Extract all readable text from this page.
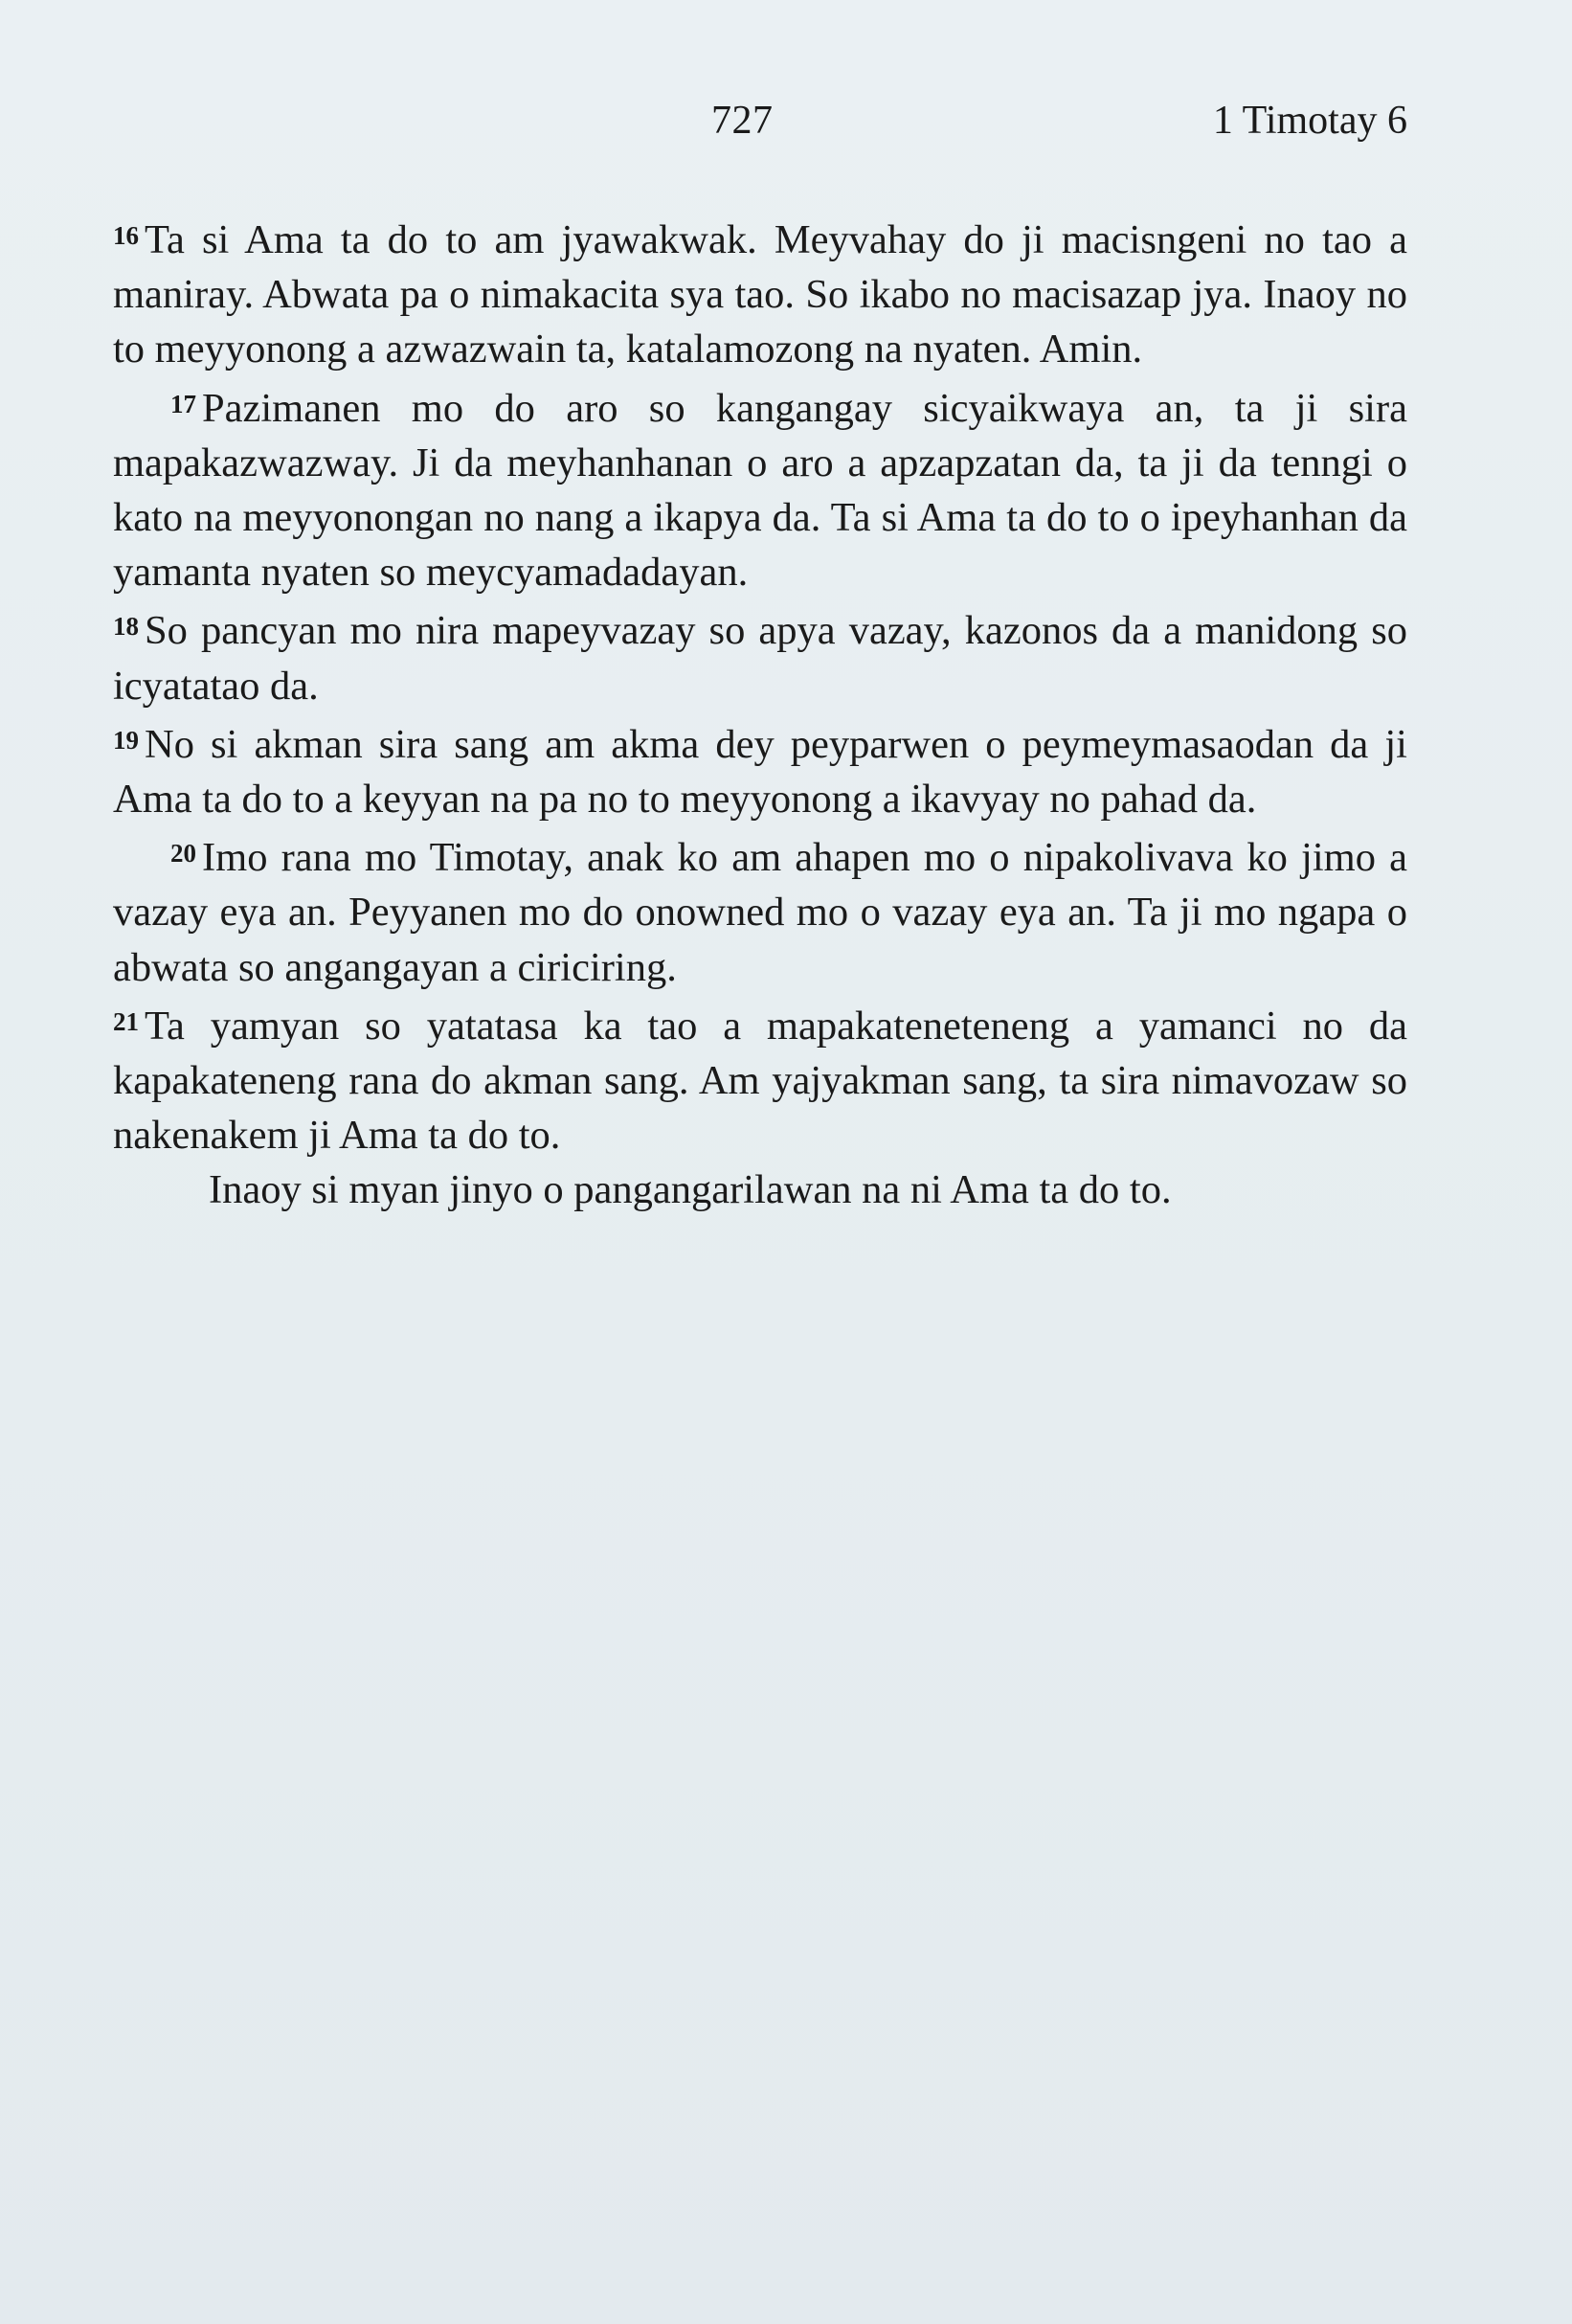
727	1 Timotay 6

$^{16}$ Ta si Ama ta do to am jyawakwak. Meyvahay do ji macisngeni no tao a maniray. Abwata pa o nimakacita sya tao. So ikabo no macisazap jya. Inaoy no to meyyonong a azwazwain ta, katalamozong na nyaten. Amin.

$^{17}$ Pazimanen mo do aro so kangangay sicyaikwaya an, ta ji sira mapakazwazway. Ji da meyhanhanan o aro a apzapzatan da, ta ji da tenngi o kato na meyyonongan no nang a ikapya da. Ta si Ama ta do to o ipeyhanhan da yamanta nyaten so meycyamadadayan.

$^{18}$ So pancyan mo nira mapeyvazay so apya vazay, kazonos da a manidong so icyatatao da.

$^{19}$ No si akman sira sang am akma dey peyparwen o peymeymasaodan da ji Ama ta do to a keyyan na pa no to meyyonong a ikavyay no pahad da.

$^{20}$ Imo rana mo Timotay, anak ko am ahapen mo o nipakolivava ko jimo a vazay eya an. Peyyanen mo do onowned mo o vazay eya an. Ta ji mo ngapa o abwata so angangayan a ciriciring.

$^{21}$ Ta yamyan so yatatasa ka tao a mapakateneteneng a yamanci no da kapakateneng rana do akman sang. Am yajyakman sang, ta sira nimavozaw so nakenakem ji Ama ta do to.

Inaoy si myan jinyo o pangangarilawan na ni Ama ta do to.
